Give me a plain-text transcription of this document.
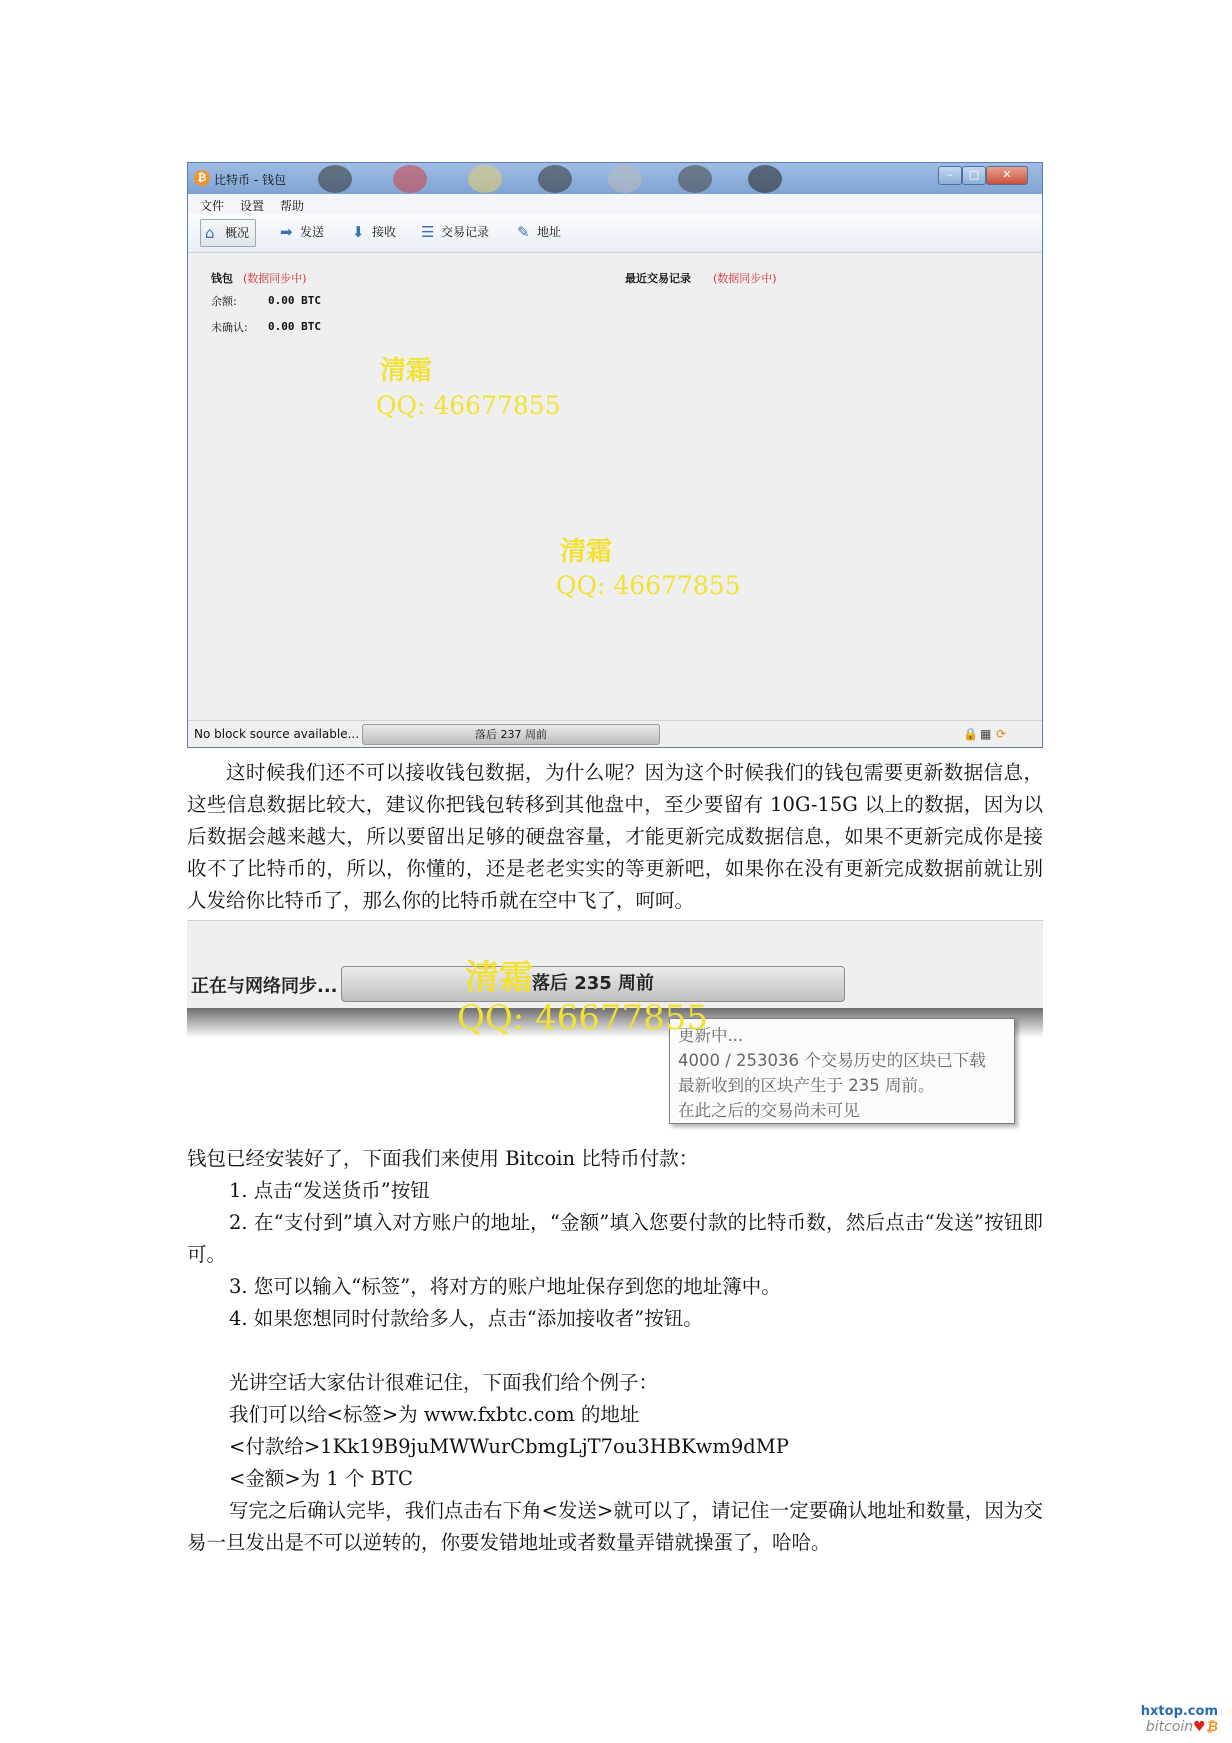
₿ 比特币 - 钱包	–	□	✕
文件 设置 帮助
⌂ 概况	➡ 发送 ⬇ 接收 ☰ 交易记录 ✎ 地址
钱包 (数据同步中)
余额:	0.00 BTC
未确认: 0.00 BTC
最近交易记录 (数据同步中)
清霜
QQ: 46677855
清霜
QQ: 46677855
No block source available...	落后 237 周前	🔒 ▦ ⟳

这时候我们还不可以接收钱包数据，为什么呢？因为这个时候我们的钱包需要更新数据信息，这些信息数据比较大，建议你把钱包转移到其他盘中，至少要留有 10G-15G 以上的数据，因为以后数据会越来越大，所以要留出足够的硬盘容量，才能更新完成数据信息，如果不更新完成你是接收不了比特币的，所以，你懂的，还是老老实实的等更新吧，如果你在没有更新完成数据前就让别人发给你比特币了，那么你的比特币就在空中飞了，呵呵。

正在与网络同步...	落后 235 周前
更新中...
4000 / 253036 个交易历史的区块已下载
最新收到的区块产生于 235 周前。
在此之后的交易尚未可见
清霜
QQ: 46677855
钱包已经安装好了，下面我们来使用 Bitcoin 比特币付款：
1. 点击“发送货币”按钮

2. 在“支付到”填入对方账户的地址，“金额”填入您要付款的比特币数，然后点击“发送”按钮即可。

3. 您可以输入“标签”，将对方的账户地址保存到您的地址簿中。
4. 如果您想同时付款给多人，点击“添加接收者”按钮。
光讲空话大家估计很难记住，下面我们给个例子：
我们可以给<标签>为 www.fxbtc.com 的地址
<付款给>1Kk19B9juMWWurCbmgLjT7ou3HBKwm9dMP
<金额>为 1 个 BTC

写完之后确认完毕，我们点击右下角<发送>就可以了，请记住一定要确认地址和数量，因为交易一旦发出是不可以逆转的，你要发错地址或者数量弄错就操蛋了，哈哈。

hxtop.com
bitcoin♥₿
